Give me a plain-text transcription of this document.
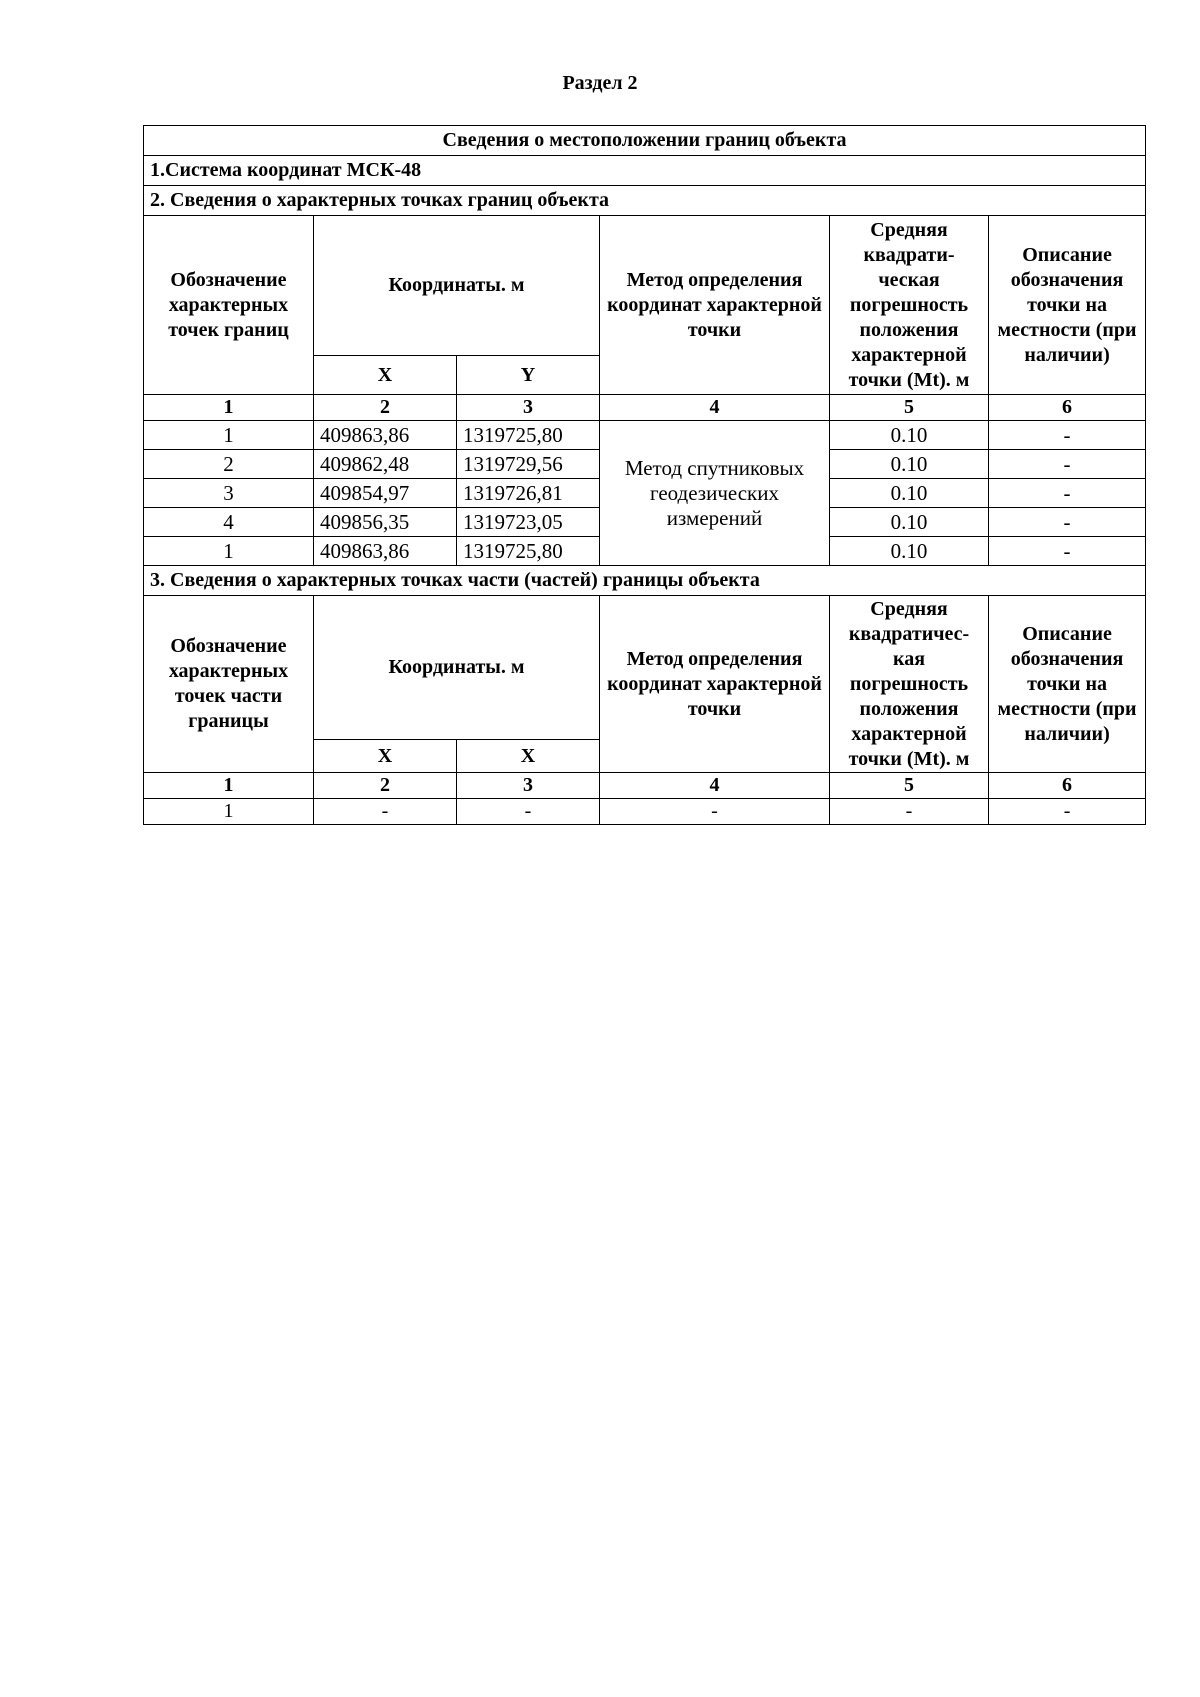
Раздел 2
Сведения о местоположении границ объекта					
1.Система координат МСК-48					
2. Сведения о характерных точках границ объекта					
Обозначение характерных точек границ	Координаты. м		Метод определения координат характерной точки	Средняя квадрати-ческая погрешность положения характерной точки (Mt). м	Описание обозначения точки на местности (при наличии)
	X	Y			
1	2	3	4	5	6
1	409863,86	1319725,80	Метод спутниковых геодезических измерений	0.10	-
2	409862,48	1319729,56		0.10	-
3	409854,97	1319726,81		0.10	-
4	409856,35	1319723,05		0.10	-
1	409863,86	1319725,80		0.10	-
3. Сведения о характерных точках части (частей) границы объекта					
Обозначение характерных точек части границы	Координаты. м		Метод определения координат характерной точки	Средняя квадратичес-кая погрешность положения характерной точки (Mt). м	Описание обозначения точки на местности (при наличии)
	X	X			
1	2	3	4	5	6
1	-	-	-	-	-
